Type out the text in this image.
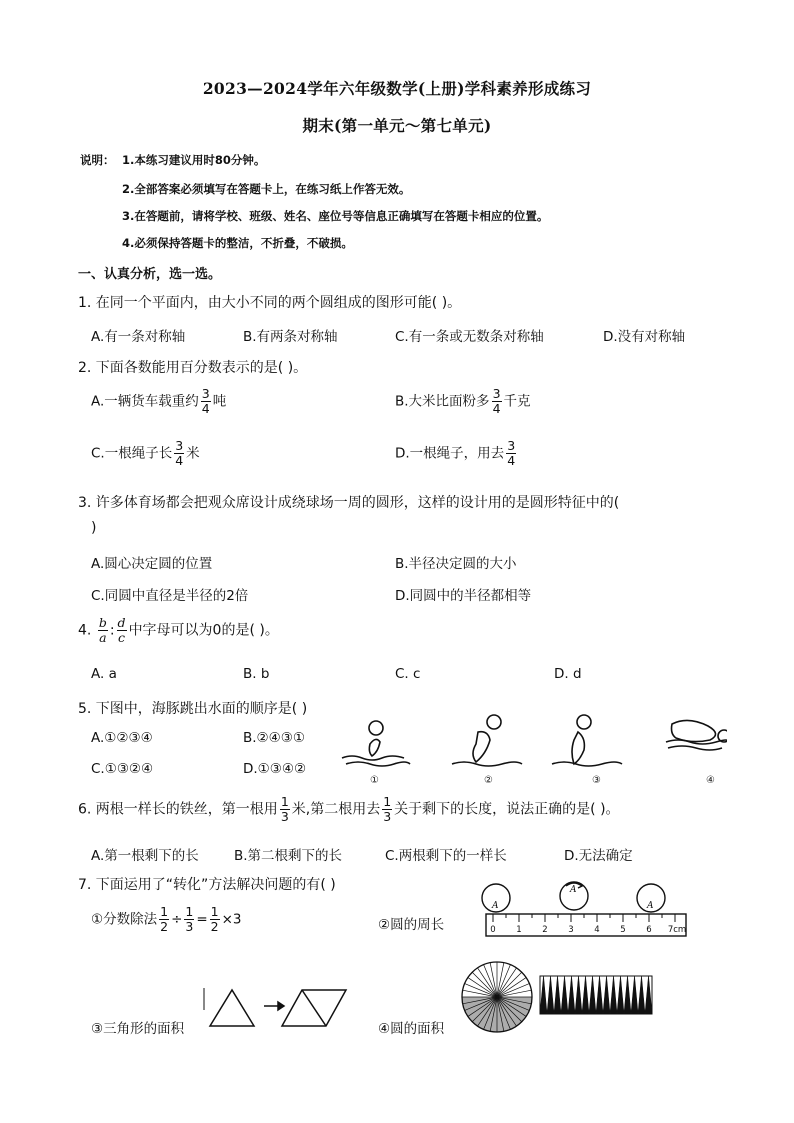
2023—2024学年六年级数学(上册)学科素养形成练习
期末(第一单元～第七单元)
说明： 1.本练习建议用时80分钟。
2.全部答案必须填写在答题卡上，在练习纸上作答无效。
3.在答题前，请将学校、班级、姓名、座位号等信息正确填写在答题卡相应的位置。
4.必须保持答题卡的整洁，不折叠，不破损。
一、认真分析，选一选。
1. 在同一个平面内，由大小不同的两个圆组成的图形可能( )。
A.有一条对称轴	B.有两条对称轴	C.有一条或无数条对称轴	D.没有对称轴
2. 下面各数能用百分数表示的是( )。
A.一辆货车载重约 $\frac{3}{4}$ 吨	B.大米比面粉多 $\frac{3}{4}$ 千克
C.一根绳子长 $\frac{3}{4}$ 米	D.一根绳子，用去 $\frac{3}{4}$
3. 许多体育场都会把观众席设计成绕球场一周的圆形，这样的设计用的是圆形特征中的(
)
A.圆心决定圆的位置	B.半径决定圆的大小
C.同圆中直径是半径的2倍	D.同圆中的半径都相等
4. $\frac{b}{a}$ : $\frac{d}{c}$ 中字母可以为0的是( )。
A. a	B. b	C. c	D. d
5. 下图中，海豚跳出水面的顺序是( )
A.①②③④	B.②④③①
C.①③②④	D.①③④②
①	②	③	④
6. 两根一样长的铁丝，第一根用 $\frac{1}{3}$ 米,第二根用去 $\frac{1}{3}$ 关于剩下的长度，说法正确的是( )。
A.第一根剩下的长	B.第二根剩下的长	C.两根剩下的一样长	D.无法确定
7. 下面运用了“转化”方法解决问题的有( )
①分数除法 $\frac{1}{2} \div \frac{1}{3} = \frac{1}{2} \times 3$	②圆的周长
③三角形的面积	④圆的面积
0 1 2 3 4 5 6 7cm
A
A
A
